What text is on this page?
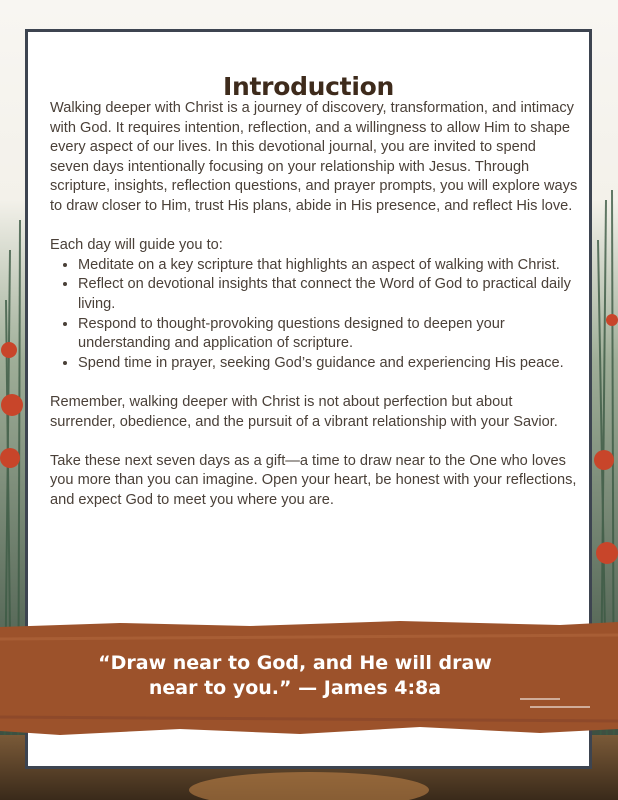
Introduction

Walking deeper with Christ is a journey of discovery, transformation, and intimacy with God. It requires intention, reflection, and a willingness to allow Him to shape every aspect of our lives. In this devotional journal, you are invited to spend seven days intentionally focusing on your relationship with Jesus. Through scripture, insights, reflection questions, and prayer prompts, you will explore ways to draw closer to Him, trust His plans, abide in His presence, and reflect His love.

Each day will guide you to:

• Meditate on a key scripture that highlights an aspect of walking with Christ.
• Reflect on devotional insights that connect the Word of God to practical daily living.
• Respond to thought-provoking questions designed to deepen your understanding and application of scripture.
• Spend time in prayer, seeking God’s guidance and experiencing His peace.

Remember, walking deeper with Christ is not about perfection but about surrender, obedience, and the pursuit of a vibrant relationship with your Savior.

Take these next seven days as a gift—a time to draw near to the One who loves you more than you can imagine. Open your heart, be honest with your reflections, and expect God to meet you where you are.

“Draw near to God, and He will draw
near to you.” — James 4:8a
